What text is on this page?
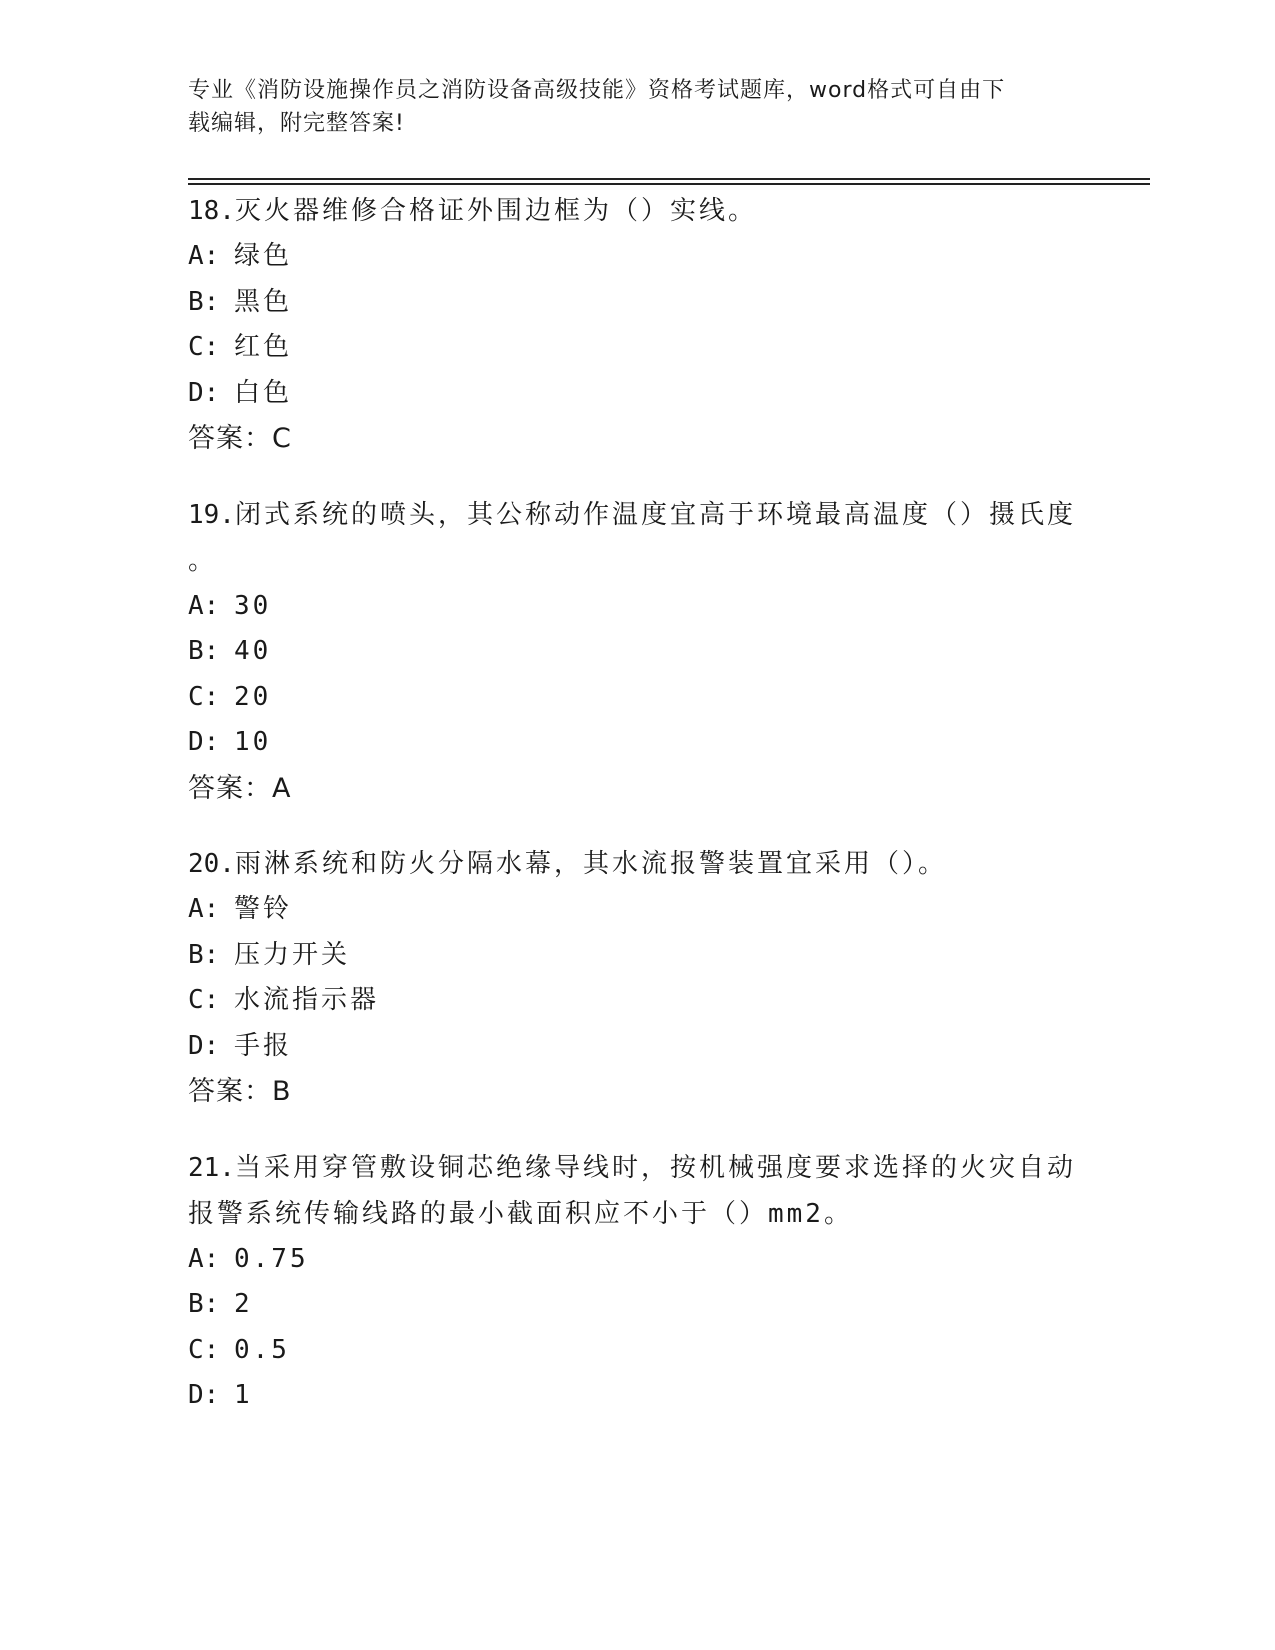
专业《消防设施操作员之消防设备高级技能》资格考试题库，word格式可自由下
载编辑，附完整答案!

18.灭火器维修合格证外围边框为（）实线。

A: 绿色

B: 黑色

C: 红色

D: 白色

答案：C

19.闭式系统的喷头，其公称动作温度宜高于环境最高温度（）摄氏度

。

A: 30

B: 40

C: 20

D: 10

答案：A

20.雨淋系统和防火分隔水幕，其水流报警装置宜采用（）。

A: 警铃

B: 压力开关

C: 水流指示器

D: 手报

答案：B

21.当采用穿管敷设铜芯绝缘导线时，按机械强度要求选择的火灾自动

报警系统传输线路的最小截面积应不小于（）mm2。

A: 0.75

B: 2

C: 0.5

D: 1
